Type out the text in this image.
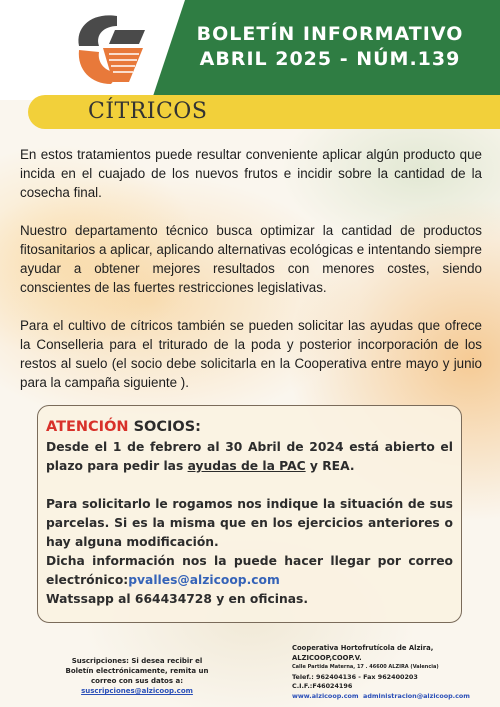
BOLETÍN INFORMATIVO
ABRIL 2025 - NÚM.139
CÍTRICOS

En estos tratamientos puede resultar conveniente aplicar algún producto que incida en el cuajado de los nuevos frutos e incidir sobre la cantidad de la cosecha final.

Nuestro departamento técnico busca optimizar la cantidad de productos fitosanitarios a aplicar, aplicando alternativas ecológicas e intentando siempre ayudar a obtener mejores resultados con menores costes, siendo conscientes de las fuertes restricciones legislativas.

Para el cultivo de cítricos también se pueden solicitar las ayudas que ofrece la Conselleria para el triturado de la poda y posterior incorporación de los restos al suelo (el socio debe solicitarla en la Cooperativa entre mayo y junio para la campaña siguiente ).

ATENCIÓN SOCIOS:

Desde el 1 de febrero al 30 Abril de 2024 está abierto el plazo para pedir las ayudas de la PAC y REA.

Para solicitarlo le rogamos nos indique la situación de sus parcelas. Si es la misma que en los ejercicios anteriores o hay alguna modificación.

Dicha información nos la puede hacer llegar por correo electrónico:pvalles@alzicoop.com

Watssapp al 664434728 y en oficinas.

Suscripciones: Si desea recibir el Boletín electrónicamente, remita un correo con sus datos a:
suscripciones@alzicoop.com
Cooperativa Hortofrutícola de Alzira,
ALZICOOP,COOP.V.
Calle Partida Materna, 17 . 46600 ALZIRA (Valencia)
Telef.: 962404136 - Fax 962400203
C.I.F.:F46024196
www.alzicoop.com administracion@alzicoop.com
